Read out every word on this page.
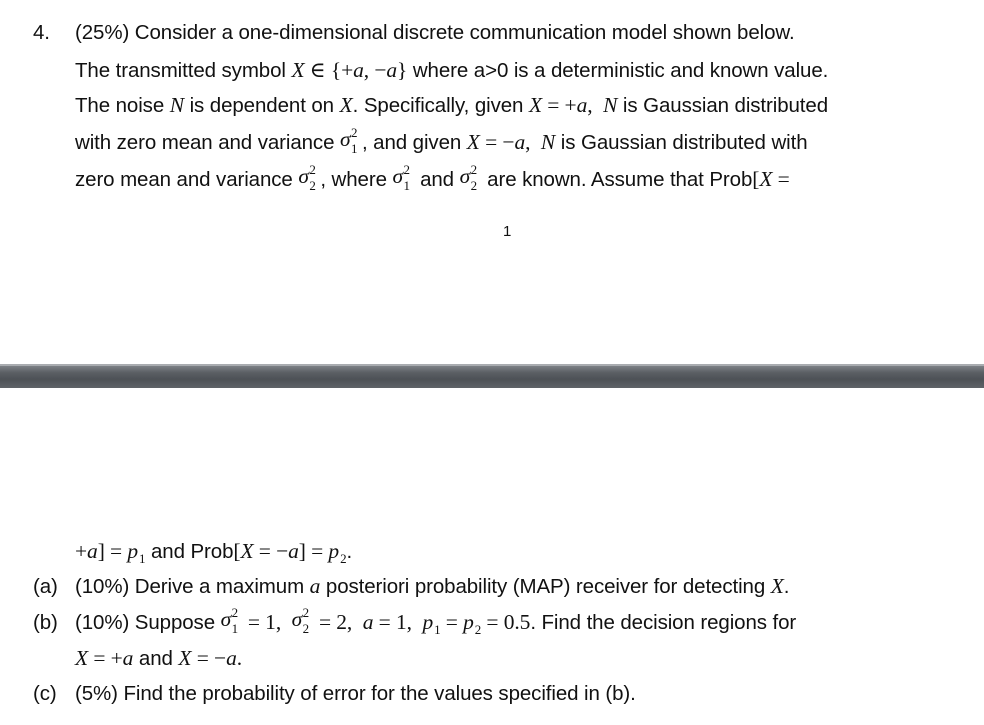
4. (25%) Consider a one-dimensional discrete communication model shown below.
The transmitted symbol X ∈ {+a, −a} where a>0 is a deterministic and known value.
The noise N is dependent on X. Specifically, given X = +a,  N is Gaussian distributed
with zero mean and variance σ 2
1 , and given X = −a,  N is Gaussian distributed with
zero mean and variance σ 2
2 , where σ 2
1 and σ 2
2 are known. Assume that Prob[X =
1
$+a] = p_1$ and Prob[X = $-a] = p_2$.
(a) (10%) Derive a maximum a posteriori probability (MAP) receiver for detecting X.
(b) (10%) Suppose σ 2
1 = 1, σ 2
2 = 2,  a = 1,  $p_1 = p_2 = 0.5$. Find the decision regions for
X = +a and X = −a.
(c) (5%) Find the probability of error for the values specified in (b).
